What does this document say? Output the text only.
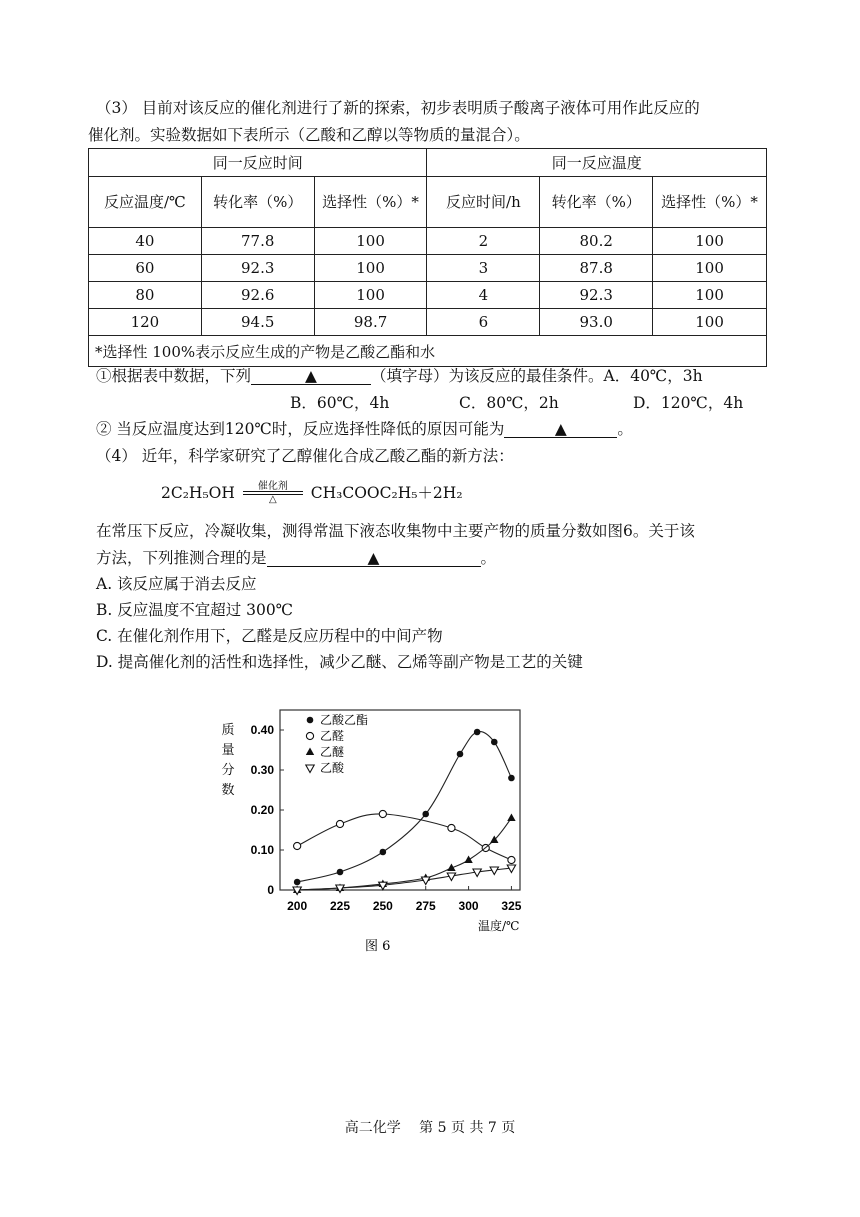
（3） 目前对该反应的催化剂进行了新的探索，初步表明质子酸离子液体可用作此反应的
催化剂。实验数据如下表所示（乙酸和乙醇以等物质的量混合）。
同一反应时间			同一反应温度		
反应温度/℃	转化率（%）	选择性（%）*	反应时间/h	转化率（%）	选择性（%）*
40	77.8	100	2	80.2	100
60	92.3	100	3	87.8	100
80	92.6	100	4	92.3	100
120	94.5	98.7	6	93.0	100
*选择性 100%表示反应生成的产物是乙酸乙酯和水					
①根据表中数据，下列	▲	（填字母）为该反应的最佳条件。A．40℃，3h
B．60℃，4h	C．80℃，2h	D．120℃，4h
② 当反应温度达到120℃时，反应选择性降低的原因可能为	▲	。
（4） 近年，科学家研究了乙醇催化合成乙酸乙酯的新方法：
2C₂H₅OH	催化剂
△	CH₃COOC₂H₅＋2H₂
在常压下反应，冷凝收集，测得常温下液态收集物中主要产物的质量分数如图6。关于该
方法，下列推测合理的是	▲	。
A. 该反应属于消去反应
B. 反应温度不宜超过 300℃
C. 在催化剂作用下，乙醛是反应历程中的中间产物
D. 提高催化剂的活性和选择性，减少乙醚、乙烯等副产物是工艺的关键
0
0.10
0.20
0.30
0.40
200 225 250 275 300 325
质
量
分
数
温度/℃
图 6
乙酸乙酯
乙醛
乙醚
乙酸
高二化学　 第 5 页 共 7 页
